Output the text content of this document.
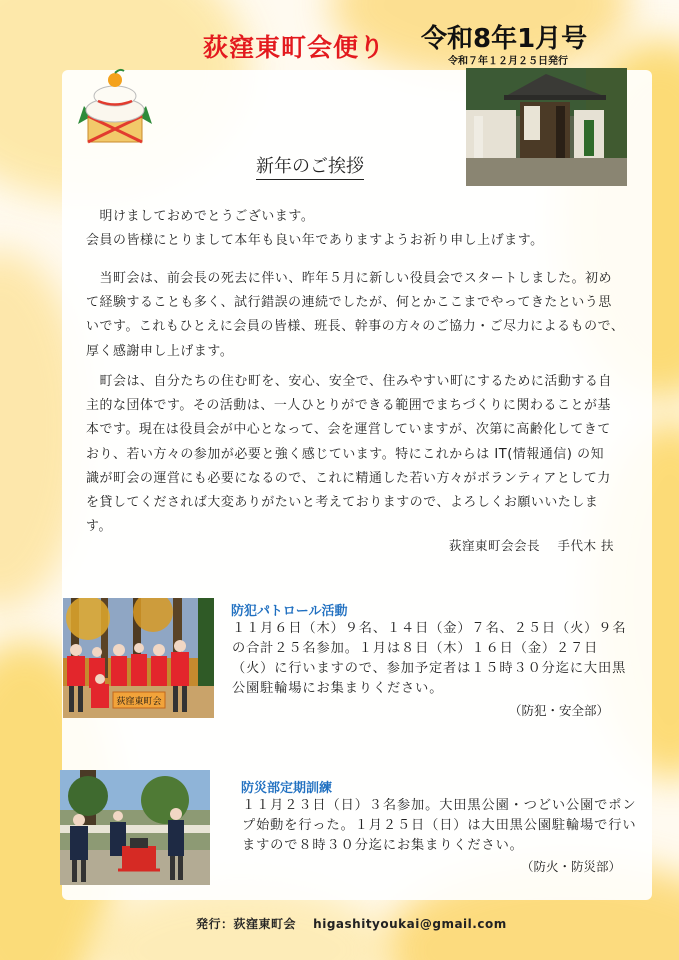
荻窪東町会便り 令和8年1月号
令和７年１２月２５日発行
新年のご挨拶

　明けましておめでとうございます。

会員の皆様にとりまして本年も良い年でありますようお祈り申し上げます。

　当町会は、前会長の死去に伴い、昨年５月に新しい役員会でスタートしました。初め

て経験することも多く、試行錯誤の連続でしたが、何とかここまでやってきたという思

いです。これもひとえに会員の皆様、班長、幹事の方々のご協力・ご尽力によるもので、

厚く感謝申し上げます。

　町会は、自分たちの住む町を、安心、安全で、住みやすい町にするために活動する自

主的な団体です。その活動は、一人ひとりができる範囲でまちづくりに関わることが基

本です。現在は役員会が中心となって、会を運営していますが、次第に高齢化してきて

おり、若い方々の参加が必要と強く感じています。特にこれからは IT(情報通信) の知

識が町会の運営にも必要になるので、これに精通した若い方々がボランティアとして力

を貸してくだされば大変ありがたいと考えておりますので、よろしくお願いいたしま

す。

荻窪東町会会長　 手代木 扶
荻窪東町会
防犯パトロール活動

１１月６日（木）９名、１４日（金）７名、２５日（火）９名

の合計２５名参加。１月は８日（木）１６日（金）２７日

（火）に行いますので、参加予定者は１５時３０分迄に大田黒

公園駐輪場にお集まりください。

（防犯・安全部）
防災部定期訓練

１１月２３日（日）３名参加。大田黒公園・つどい公園でポン

プ始動を行った。１月２５日（日）は大田黒公園駐輪場で行い

ますので８時３０分迄にお集まりください。

（防火・防災部）
発行：荻窪東町会　 higashityoukai@gmail.com
